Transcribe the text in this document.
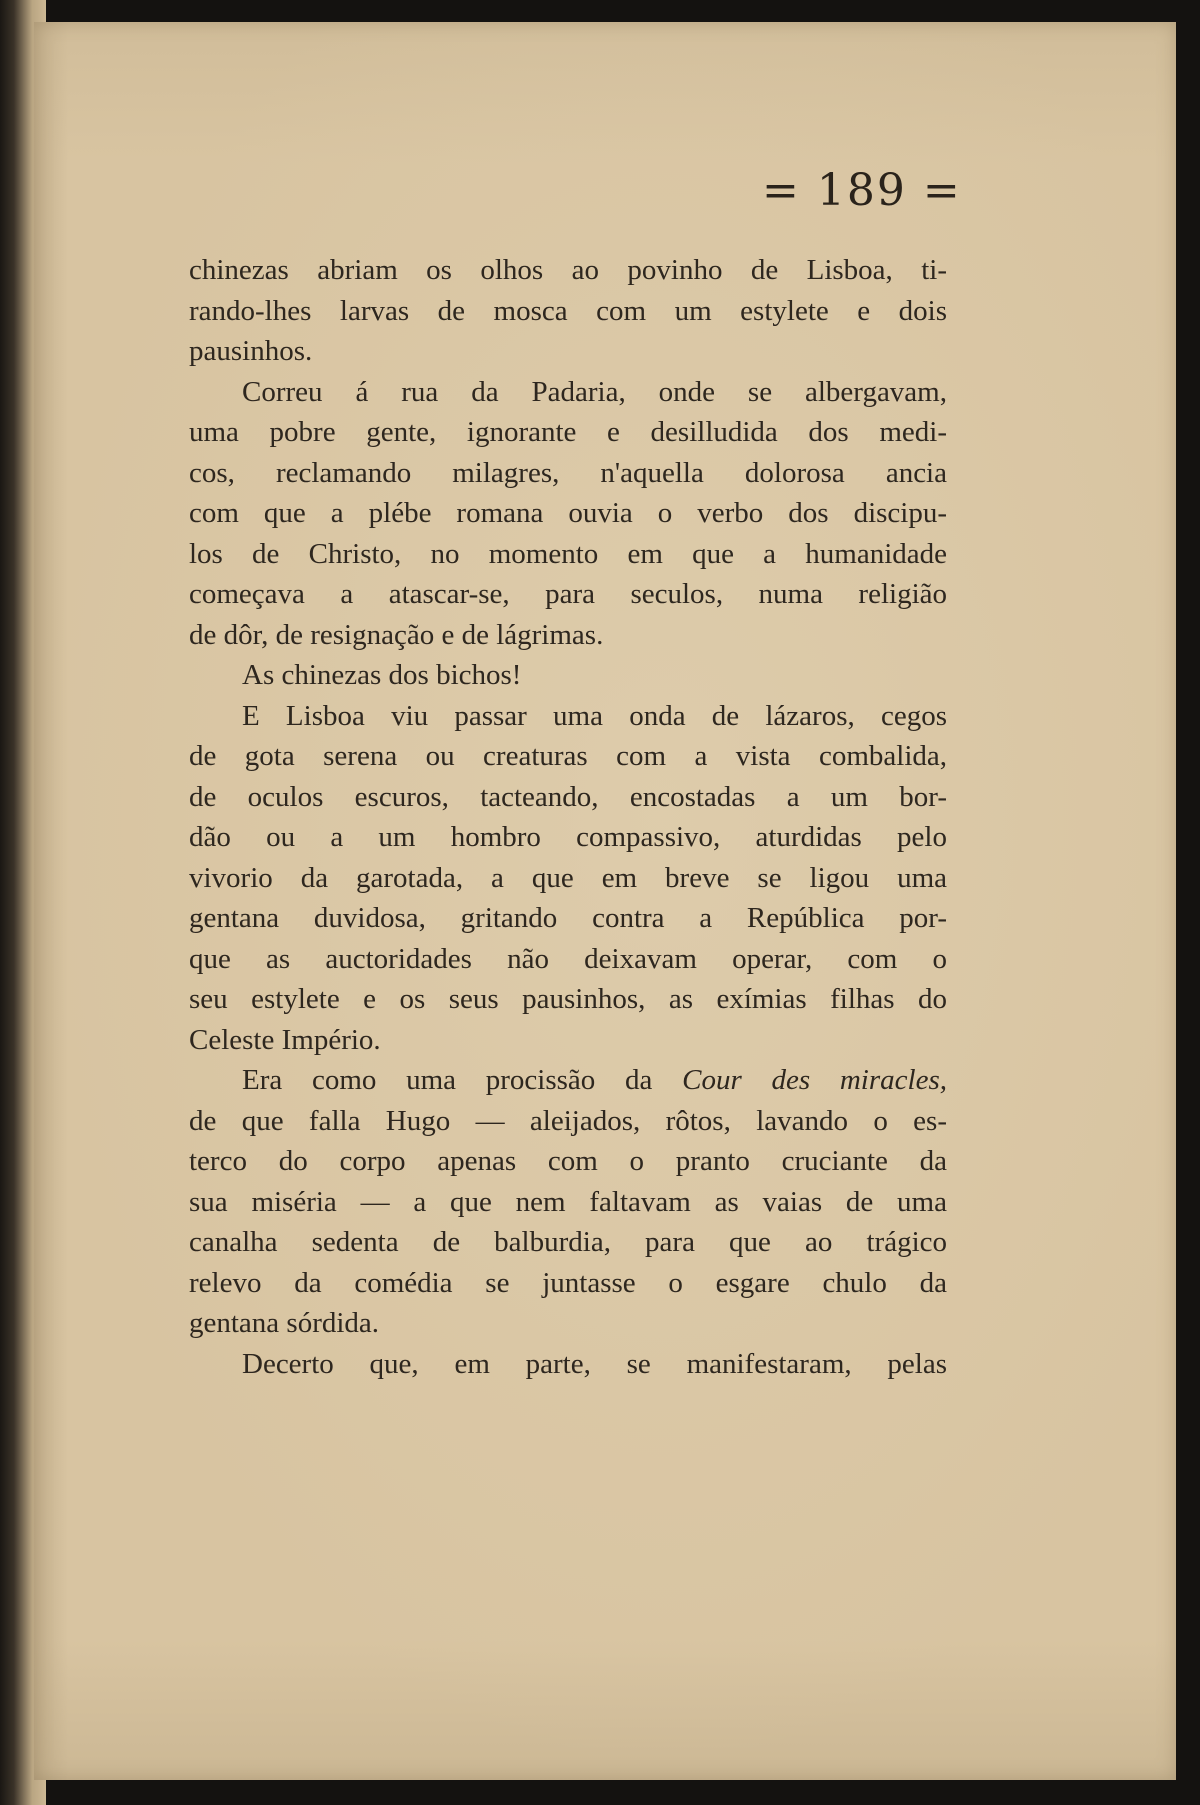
= 189 =
chinezas abriam os olhos ao povinho de Lisboa, ti-
rando-lhes larvas de mosca com um estylete e dois
pausinhos.
Correu á rua da Padaria, onde se albergavam,
uma pobre gente, ignorante e desilludida dos medi-
cos, reclamando milagres, n'aquella dolorosa ancia
com que a plébe romana ouvia o verbo dos discipu-
los de Christo, no momento em que a humanidade
começava a atascar-se, para seculos, numa religião
de dôr, de resignação e de lágrimas.
As chinezas dos bichos!
E Lisboa viu passar uma onda de lázaros, cegos
de gota serena ou creaturas com a vista combalida,
de oculos escuros, tacteando, encostadas a um bor-
dão ou a um hombro compassivo, aturdidas pelo
vivorio da garotada, a que em breve se ligou uma
gentana duvidosa, gritando contra a República por-
que as auctoridades não deixavam operar, com o
seu estylete e os seus pausinhos, as exímias filhas do
Celeste Império.
Era como uma procissão da Cour des miracles,
de que falla Hugo — aleijados, rôtos, lavando o es-
terco do corpo apenas com o pranto cruciante da
sua miséria — a que nem faltavam as vaias de uma
canalha sedenta de balburdia, para que ao trágico
relevo da comédia se juntasse o esgare chulo da
gentana sórdida.
Decerto que, em parte, se manifestaram, pelas
